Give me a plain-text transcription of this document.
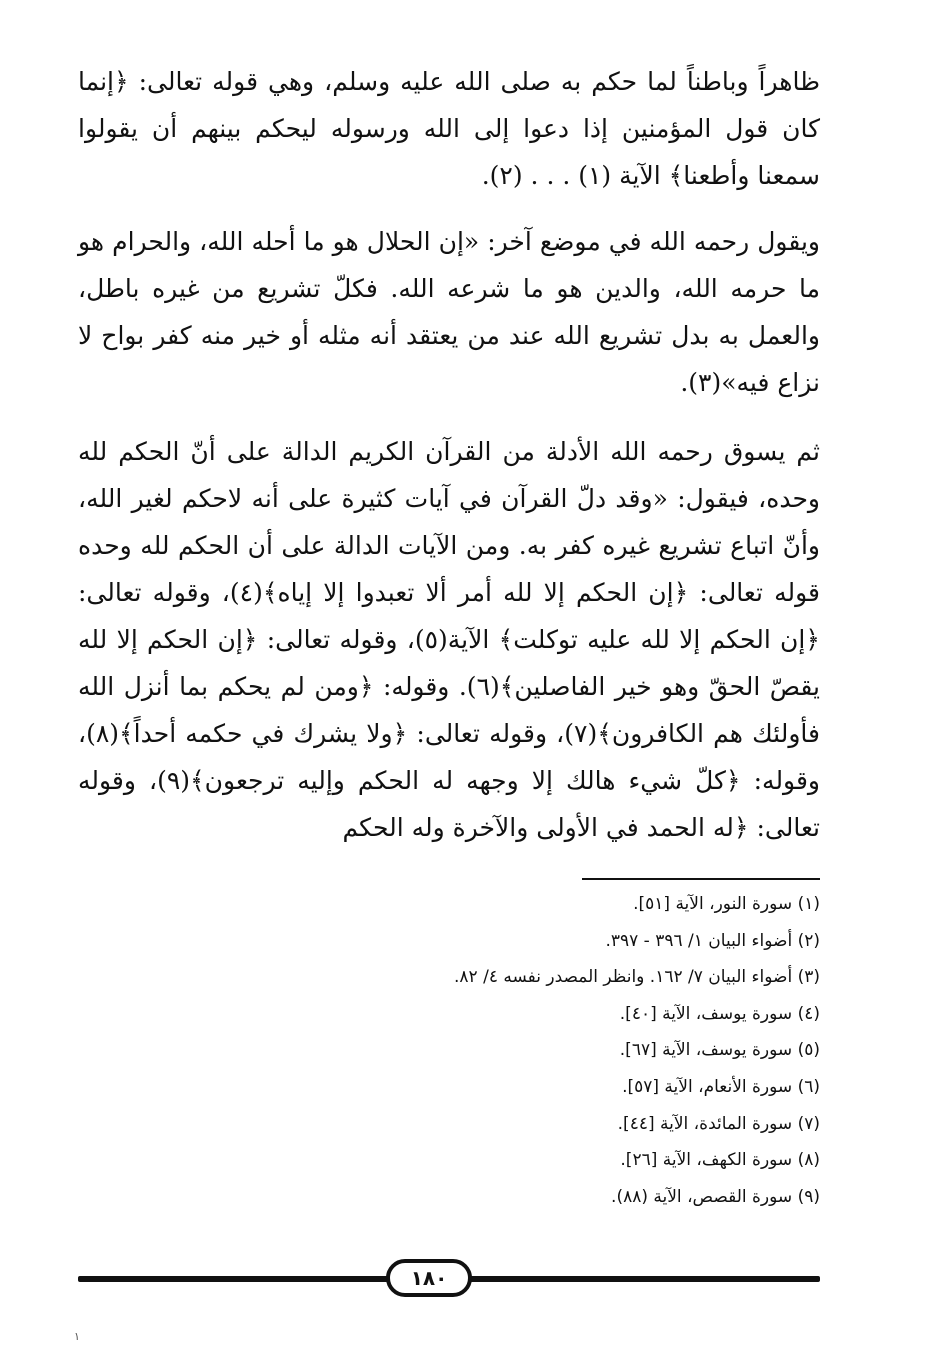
ظاهراً وباطناً لما حكم به صلى الله عليه وسلم، وهي قوله تعالى: ﴿إنما كان قول المؤمنين إذا دعوا إلى الله ورسوله ليحكم بينهم أن يقولوا سمعنا وأطعنا﴾ الآية (١) . . . (٢).

ويقول رحمه الله في موضع آخر: «إن الحلال هو ما أحله الله، والحرام هو ما حرمه الله، والدين هو ما شرعه الله. فكلّ تشريع من غيره باطل، والعمل به بدل تشريع الله عند من يعتقد أنه مثله أو خير منه كفر بواح لا نزاع فيه»(٣).

ثم يسوق رحمه الله الأدلة من القرآن الكريم الدالة على أنّ الحكم لله وحده، فيقول: «وقد دلّ القرآن في آيات كثيرة على أنه لاحكم لغير الله، وأنّ اتباع تشريع غيره كفر به. ومن الآيات الدالة على أن الحكم لله وحده قوله تعالى: ﴿إن الحكم إلا لله أمر ألا تعبدوا إلا إياه﴾(٤)، وقوله تعالى: ﴿إن الحكم إلا لله عليه توكلت﴾ الآية(٥)، وقوله تعالى: ﴿إن الحكم إلا لله يقصّ الحقّ وهو خير الفاصلين﴾(٦). وقوله: ﴿ومن لم يحكم بما أنزل الله فأولئك هم الكافرون﴾(٧)، وقوله تعالى: ﴿ولا يشرك في حكمه أحداً﴾(٨)، وقوله: ﴿كلّ شيء هالك إلا وجهه له الحكم وإليه ترجعون﴾(٩)، وقوله تعالى: ﴿له الحمد في الأولى والآخرة وله الحكم

(١) سورة النور، الآية [٥١].
(٢) أضواء البيان ١/ ٣٩٦ - ٣٩٧.
(٣) أضواء البيان ٧/ ١٦٢. وانظر المصدر نفسه ٤/ ٨٢.
(٤) سورة يوسف، الآية [٤٠].
(٥) سورة يوسف، الآية [٦٧].
(٦) سورة الأنعام، الآية [٥٧].
(٧) سورة المائدة، الآية [٤٤].
(٨) سورة الكهف، الآية [٢٦].
(٩) سورة القصص، الآية (٨٨).
١٨٠
١
